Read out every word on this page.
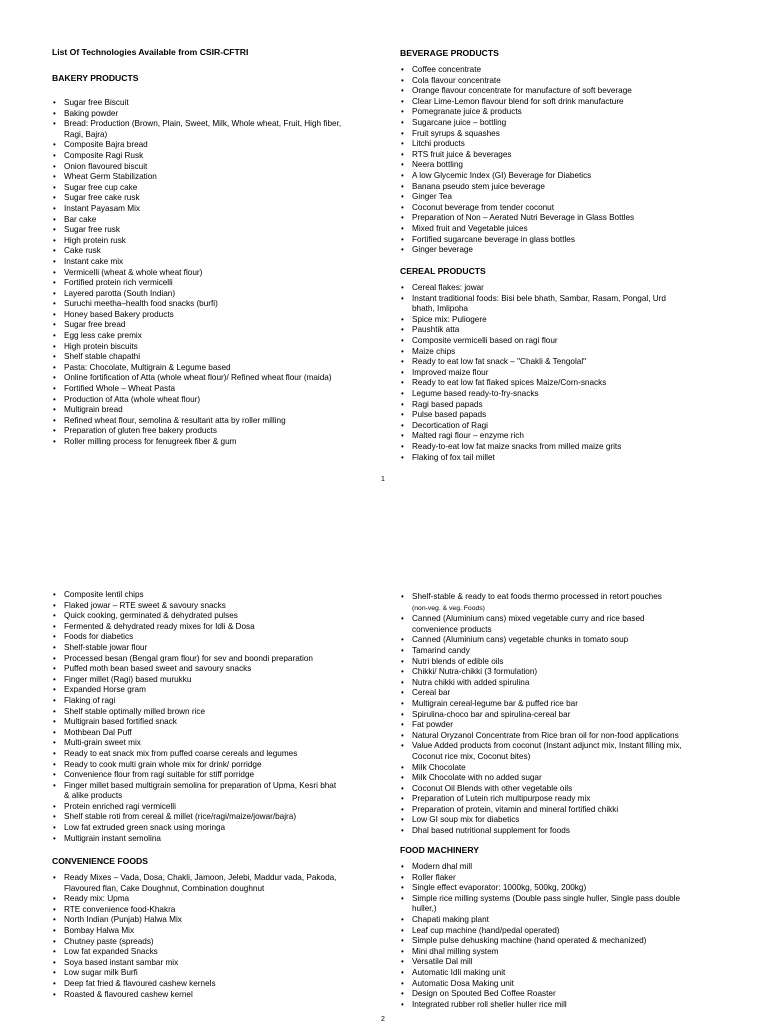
List Of Technologies Available from CSIR-CFTRI
BAKERY PRODUCTS
• Sugar free Biscuit
• Baking powder
• Bread: Production (Brown, Plain, Sweet, Milk, Whole wheat, Fruit, High fiber,
Ragi, Bajra)
• Composite Bajra bread
• Composite Ragi Rusk
• Onion flavoured biscuit
• Wheat Germ Stabilization
• Sugar free cup cake
• Sugar free cake rusk
• Instant Payasam Mix
• Bar cake
• Sugar free rusk
• High protein rusk
• Cake rusk
• Instant cake mix
• Vermicelli (wheat & whole wheat flour)
• Fortified protein rich vermicelli
• Layered parotta (South Indian)
• Suruchi meetha–health food snacks (burfi)
• Honey based Bakery products
• Sugar free bread
• Egg less cake premix
• High protein biscuits
• Shelf stable chapathi
• Pasta: Chocolate, Multigrain & Legume based
• Online fortification of Atta (whole wheat flour)/ Refined wheat flour (maida)
• Fortified Whole – Wheat Pasta
• Production of Atta (whole wheat flour)
• Multigrain bread
• Refined wheat flour, semolina & resultant atta by roller milling
• Preparation of gluten free bakery products
• Roller milling process for fenugreek fiber & gum
BEVERAGE PRODUCTS
• Coffee concentrate
• Cola flavour concentrate
• Orange flavour concentrate for manufacture of soft beverage
• Clear Lime-Lemon flavour blend for soft drink manufacture
• Pomegranate juice & products
• Sugarcane juice – bottling
• Fruit syrups & squashes
• Litchi products
• RTS fruit juice & beverages
• Neera bottling
• A low Glycemic Index (GI) Beverage for Diabetics
• Banana pseudo stem juice beverage
• Ginger Tea
• Coconut beverage from tender coconut
• Preparation of Non – Aerated Nutri Beverage in Glass Bottles
• Mixed fruit and Vegetable juices
• Fortified sugarcane beverage in glass bottles
• Ginger beverage
CEREAL PRODUCTS
• Cereal flakes: jowar
• Instant traditional foods: Bisi bele bhath, Sambar, Rasam, Pongal, Urd
bhath, Imlipoha
• Spice mix: Puliogere
• Paushtik atta
• Composite vermicelli based on ragi flour
• Maize chips
• Ready to eat low fat snack – "Chakli & Tengolal"
• Improved maize flour
• Ready to eat low fat flaked spices Maize/Corn-snacks
• Legume based ready-to-fry-snacks
• Ragi based papads
• Pulse based papads
• Decortication of Ragi
• Malted ragi flour – enzyme rich
• Ready-to-eat low fat maize snacks from milled maize grits
• Flaking of fox tail millet
1
• Composite lentil chips
• Flaked jowar – RTE sweet & savoury snacks
• Quick cooking, germinated & dehydrated pulses
• Fermented & dehydrated ready mixes for Idli & Dosa
• Foods for diabetics
• Shelf-stable jowar flour
• Processed besan (Bengal gram flour) for sev and boondi preparation
• Puffed moth bean based sweet and savoury snacks
• Finger millet (Ragi) based murukku
• Expanded Horse gram
• Flaking of ragi
• Shelf stable optimally milled brown rice
• Multigrain based fortified snack
• Mothbean Dal Puff
• Multi-grain sweet mix
• Ready to eat snack mix from puffed coarse cereals and legumes
• Ready to cook multi grain whole mix for drink/ porridge
• Convenience flour from ragi suitable for stiff porridge
• Finger millet based multigrain semolina for preparation of Upma, Kesri bhat
& alike products
• Protein enriched ragi vermicelli
• Shelf stable roti from cereal & millet (rice/ragi/maize/jowar/bajra)
• Low fat extruded green snack using moringa
• Multigrain instant semolina
CONVENIENCE FOODS
• Ready Mixes – Vada, Dosa, Chakli, Jamoon, Jelebi, Maddur vada, Pakoda,
Flavoured flan, Cake Doughnut, Combination doughnut
• Ready mix: Upma
• RTE convenience food-Khakra
• North Indian (Punjab) Halwa Mix
• Bombay Halwa Mix
• Chutney paste (spreads)
• Low fat expanded Snacks
• Soya based instant sambar mix
• Low sugar milk Burfi
• Deep fat fried & flavoured cashew kernels
• Roasted & flavoured cashew kernel
• Shelf-stable & ready to eat foods thermo processed in retort pouches
(non-veg. & veg. Foods)
• Canned (Aluminium cans) mixed vegetable curry and rice based
convenience products
• Canned (Aluminium cans) vegetable chunks in tomato soup
• Tamarind candy
• Nutri blends of edible oils
• Chikki/ Nutra-chikki (3 formulation)
• Nutra chikki with added spirulina
• Cereal bar
• Multigrain cereal-legume bar & puffed rice bar
• Spirulina-choco bar and spirulina-cereal bar
• Fat powder
• Natural Oryzanol Concentrate from Rice bran oil for non-food applications
• Value Added products from coconut (Instant adjunct mix, Instant filling mix,
Coconut rice mix, Coconut bites)
• Milk Chocolate
• Milk Chocolate with no added sugar
• Coconut Oil Blends with other vegetable oils
• Preparation of Lutein rich multipurpose ready mix
• Preparation of protein, vitamin and mineral fortified chikki
• Low GI soup mix for diabetics
• Dhal based nutritional supplement for foods
FOOD MACHINERY
• Modern dhal mill
• Roller flaker
• Single effect evaporator: 1000kg, 500kg, 200kg)
• Simple rice milling systems (Double pass single huller, Single pass double
huller,)
• Chapati making plant
• Leaf cup machine (hand/pedal operated)
• Simple pulse dehusking machine (hand operated & mechanized)
• Mini dhal milling system
• Versatile Dal mill
• Automatic Idli making unit
• Automatic Dosa Making unit
• Design on Spouted Bed Coffee Roaster
• Integrated rubber roll sheller huller rice mill
2
